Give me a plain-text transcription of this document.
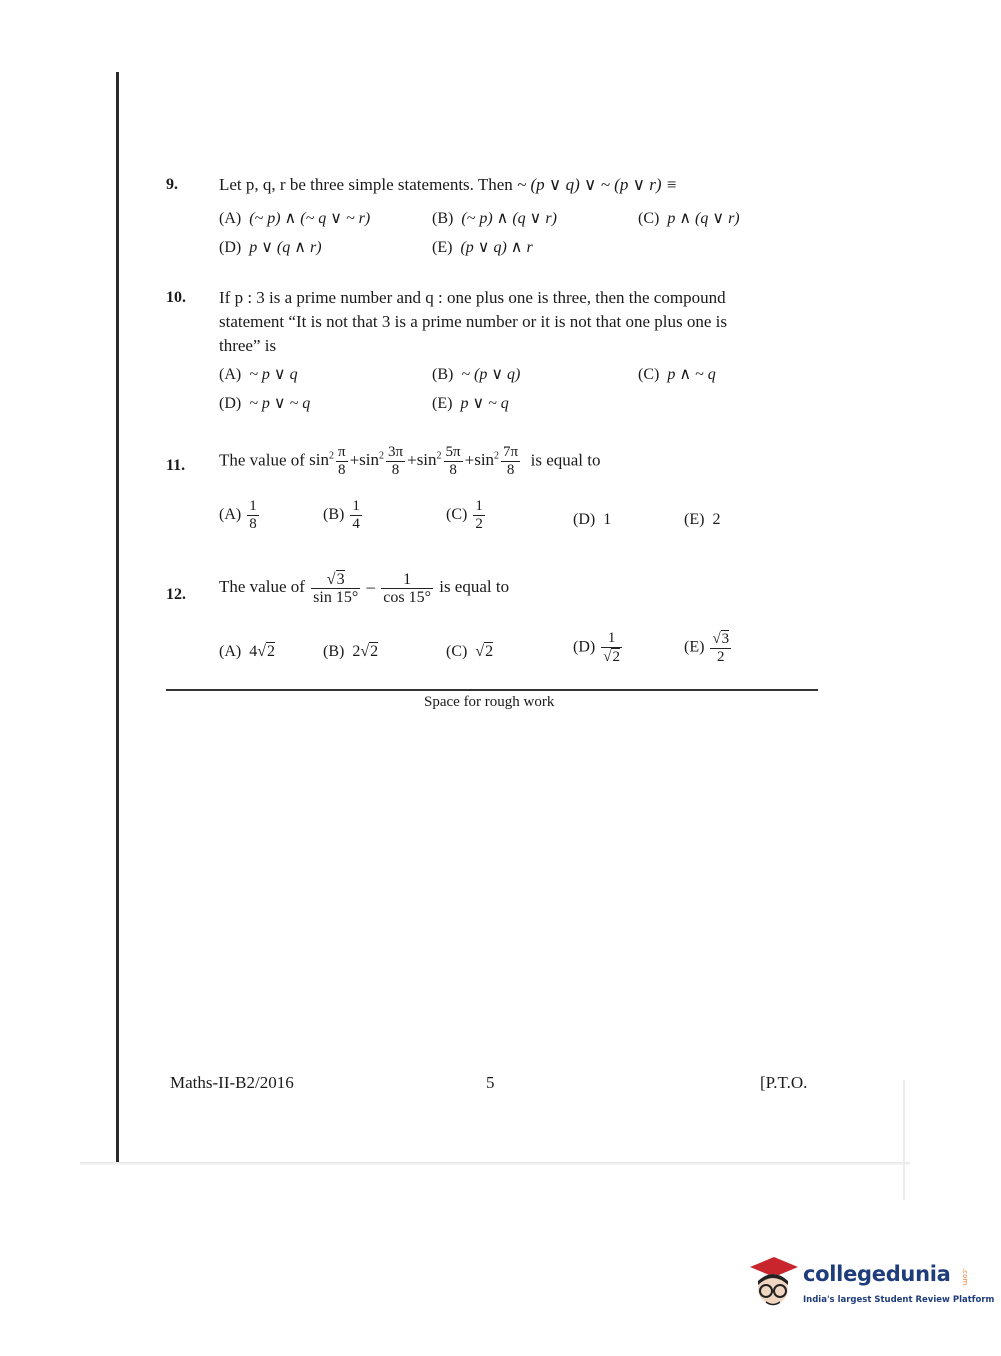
9. Let p, q, r be three simple statements. Then ~ (p ∨ q) ∨ ~ (p ∨ r) ≡
(A) (~ p) ∧ (~ q ∨ ~ r)	(B) (~ p) ∧ (q ∨ r)	(C) p ∧ (q ∨ r)
(D) p ∨ (q ∧ r)	(E) (p ∨ q) ∧ r
10. If p : 3 is a prime number and q : one plus one is three, then the compound
statement “It is not that 3 is a prime number or it is not that one plus one is
three” is
(A) ~ p ∨ q	(B) ~ (p ∨ q)	(C) p ∧ ~ q
(D) ~ p ∨ ~ q	(E) p ∨ ~ q
11. The value of $\sin^2 \frac{\pi}{8} +\sin^2 \frac{3\pi}{8} +\sin^2 \frac{5\pi}{8} +\sin^2 \frac{7\pi}{8}$ is equal to
$(A) \frac{1}{8}$	$(B) \frac{1}{4}$	$(C) \frac{1}{2}$	(D) 1	(E) 2
12. The value of $\frac{√3}{\sin 15^\circ} - \frac{1}{\cos 15^\circ}$ is equal to
(A) 4√2	(B) 2√2	(C)  √2	$(D) \frac{1}{√2}$	$(E) \frac{√3}{2}$
Space for rough work
Maths-II-B2/2016	5	[P.T.O.
collegedunia .com
India's largest Student Review Platform
